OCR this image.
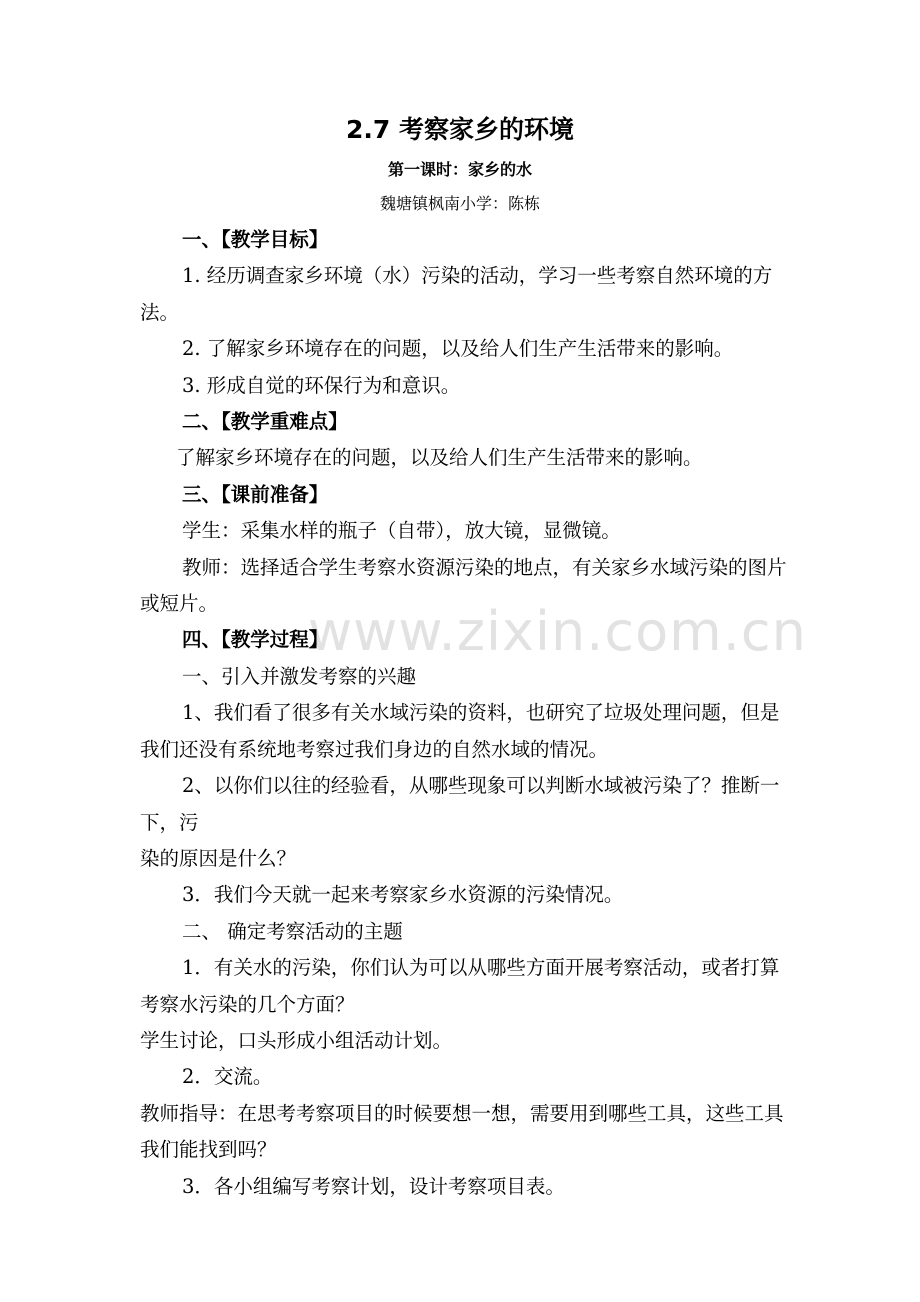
www.zixin.com.cn
2.7 考察家乡的环境
第一课时：家乡的水
魏塘镇枫南小学：陈栋

一、【教学目标】

1. 经历调查家乡环境（水）污染的活动，学习一些考察自然环境的方法。

2. 了解家乡环境存在的问题，以及给人们生产生活带来的影响。

3. 形成自觉的环保行为和意识。

二、【教学重难点】

了解家乡环境存在的问题，以及给人们生产生活带来的影响。

三、【课前准备】

学生：采集水样的瓶子（自带），放大镜，显微镜。

教师：选择适合学生考察水资源污染的地点，有关家乡水域污染的图片或短片。

四、【教学过程】

一、引入并激发考察的兴趣

1、我们看了很多有关水域污染的资料，也研究了垃圾处理问题，但是我们还没有系统地考察过我们身边的自然水域的情况。

2、以你们以往的经验看，从哪些现象可以判断水域被污染了？推断一下，污

染的原因是什么？

3．我们今天就一起来考察家乡水资源的污染情况。

二、 确定考察活动的主题

1．有关水的污染，你们认为可以从哪些方面开展考察活动，或者打算考察水污染的几个方面？

学生讨论，口头形成小组活动计划。

2．交流。

教师指导：在思考考察项目的时候要想一想，需要用到哪些工具，这些工具我们能找到吗？

3．各小组编写考察计划，设计考察项目表。
